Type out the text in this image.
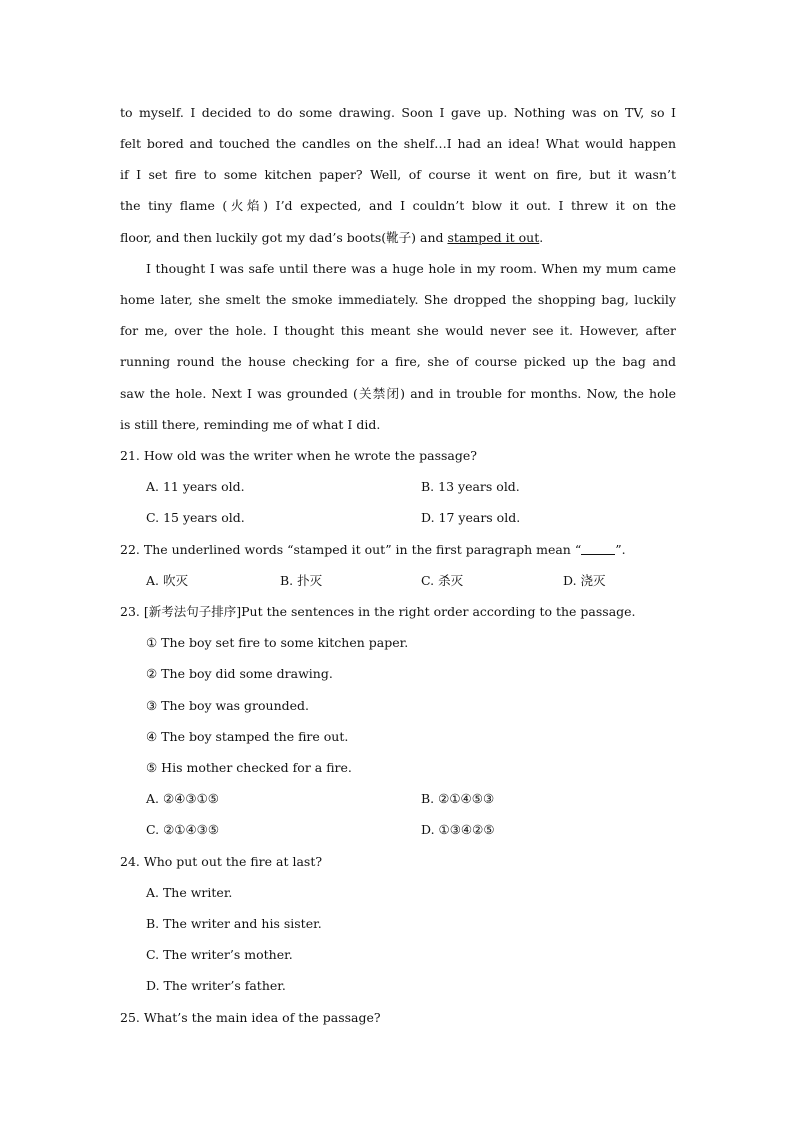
to myself. I decided to do some drawing. Soon I gave up. Nothing was on TV, so I
felt bored and touched the candles on the shelf…I had an idea! What would happen
if I set fire to some kitchen paper? Well, of course it went on fire, but it wasn’t
the tiny flame (火焰) I’d expected, and I couldn’t blow it out. I threw it on the
floor, and then luckily got my dad’s boots(靴子) and stamped it out.
I thought I was safe until there was a huge hole in my room. When my mum came
home later, she smelt the smoke immediately. She dropped the shopping bag, luckily
for me, over the hole. I thought this meant she would never see it. However, after
running round the house checking for a fire, she of course picked up the bag and
saw the hole. Next I was grounded (关禁闭) and in trouble for months. Now, the hole
is still there, reminding me of what I did.
21. How old was the writer when he wrote the passage?
A. 11 years old.	B. 13 years old.
C. 15 years old.	D. 17 years old.
22. The underlined words “stamped it out” in the first paragraph mean “	”.
A. 吹灭	B. 扑灭	C. 杀灭	D. 浇灭
23. [新考法句子排序]Put the sentences in the right order according to the passage.
① The boy set fire to some kitchen paper.
② The boy did some drawing.
③ The boy was grounded.
④ The boy stamped the fire out.
⑤ His mother checked for a fire.
A. ②④③①⑤	B. ②①④⑤③
C. ②①④③⑤	D. ①③④②⑤
24. Who put out the fire at last?
A. The writer.
B. The writer and his sister.
C. The writer’s mother.
D. The writer’s father.
25. What’s the main idea of the passage?
